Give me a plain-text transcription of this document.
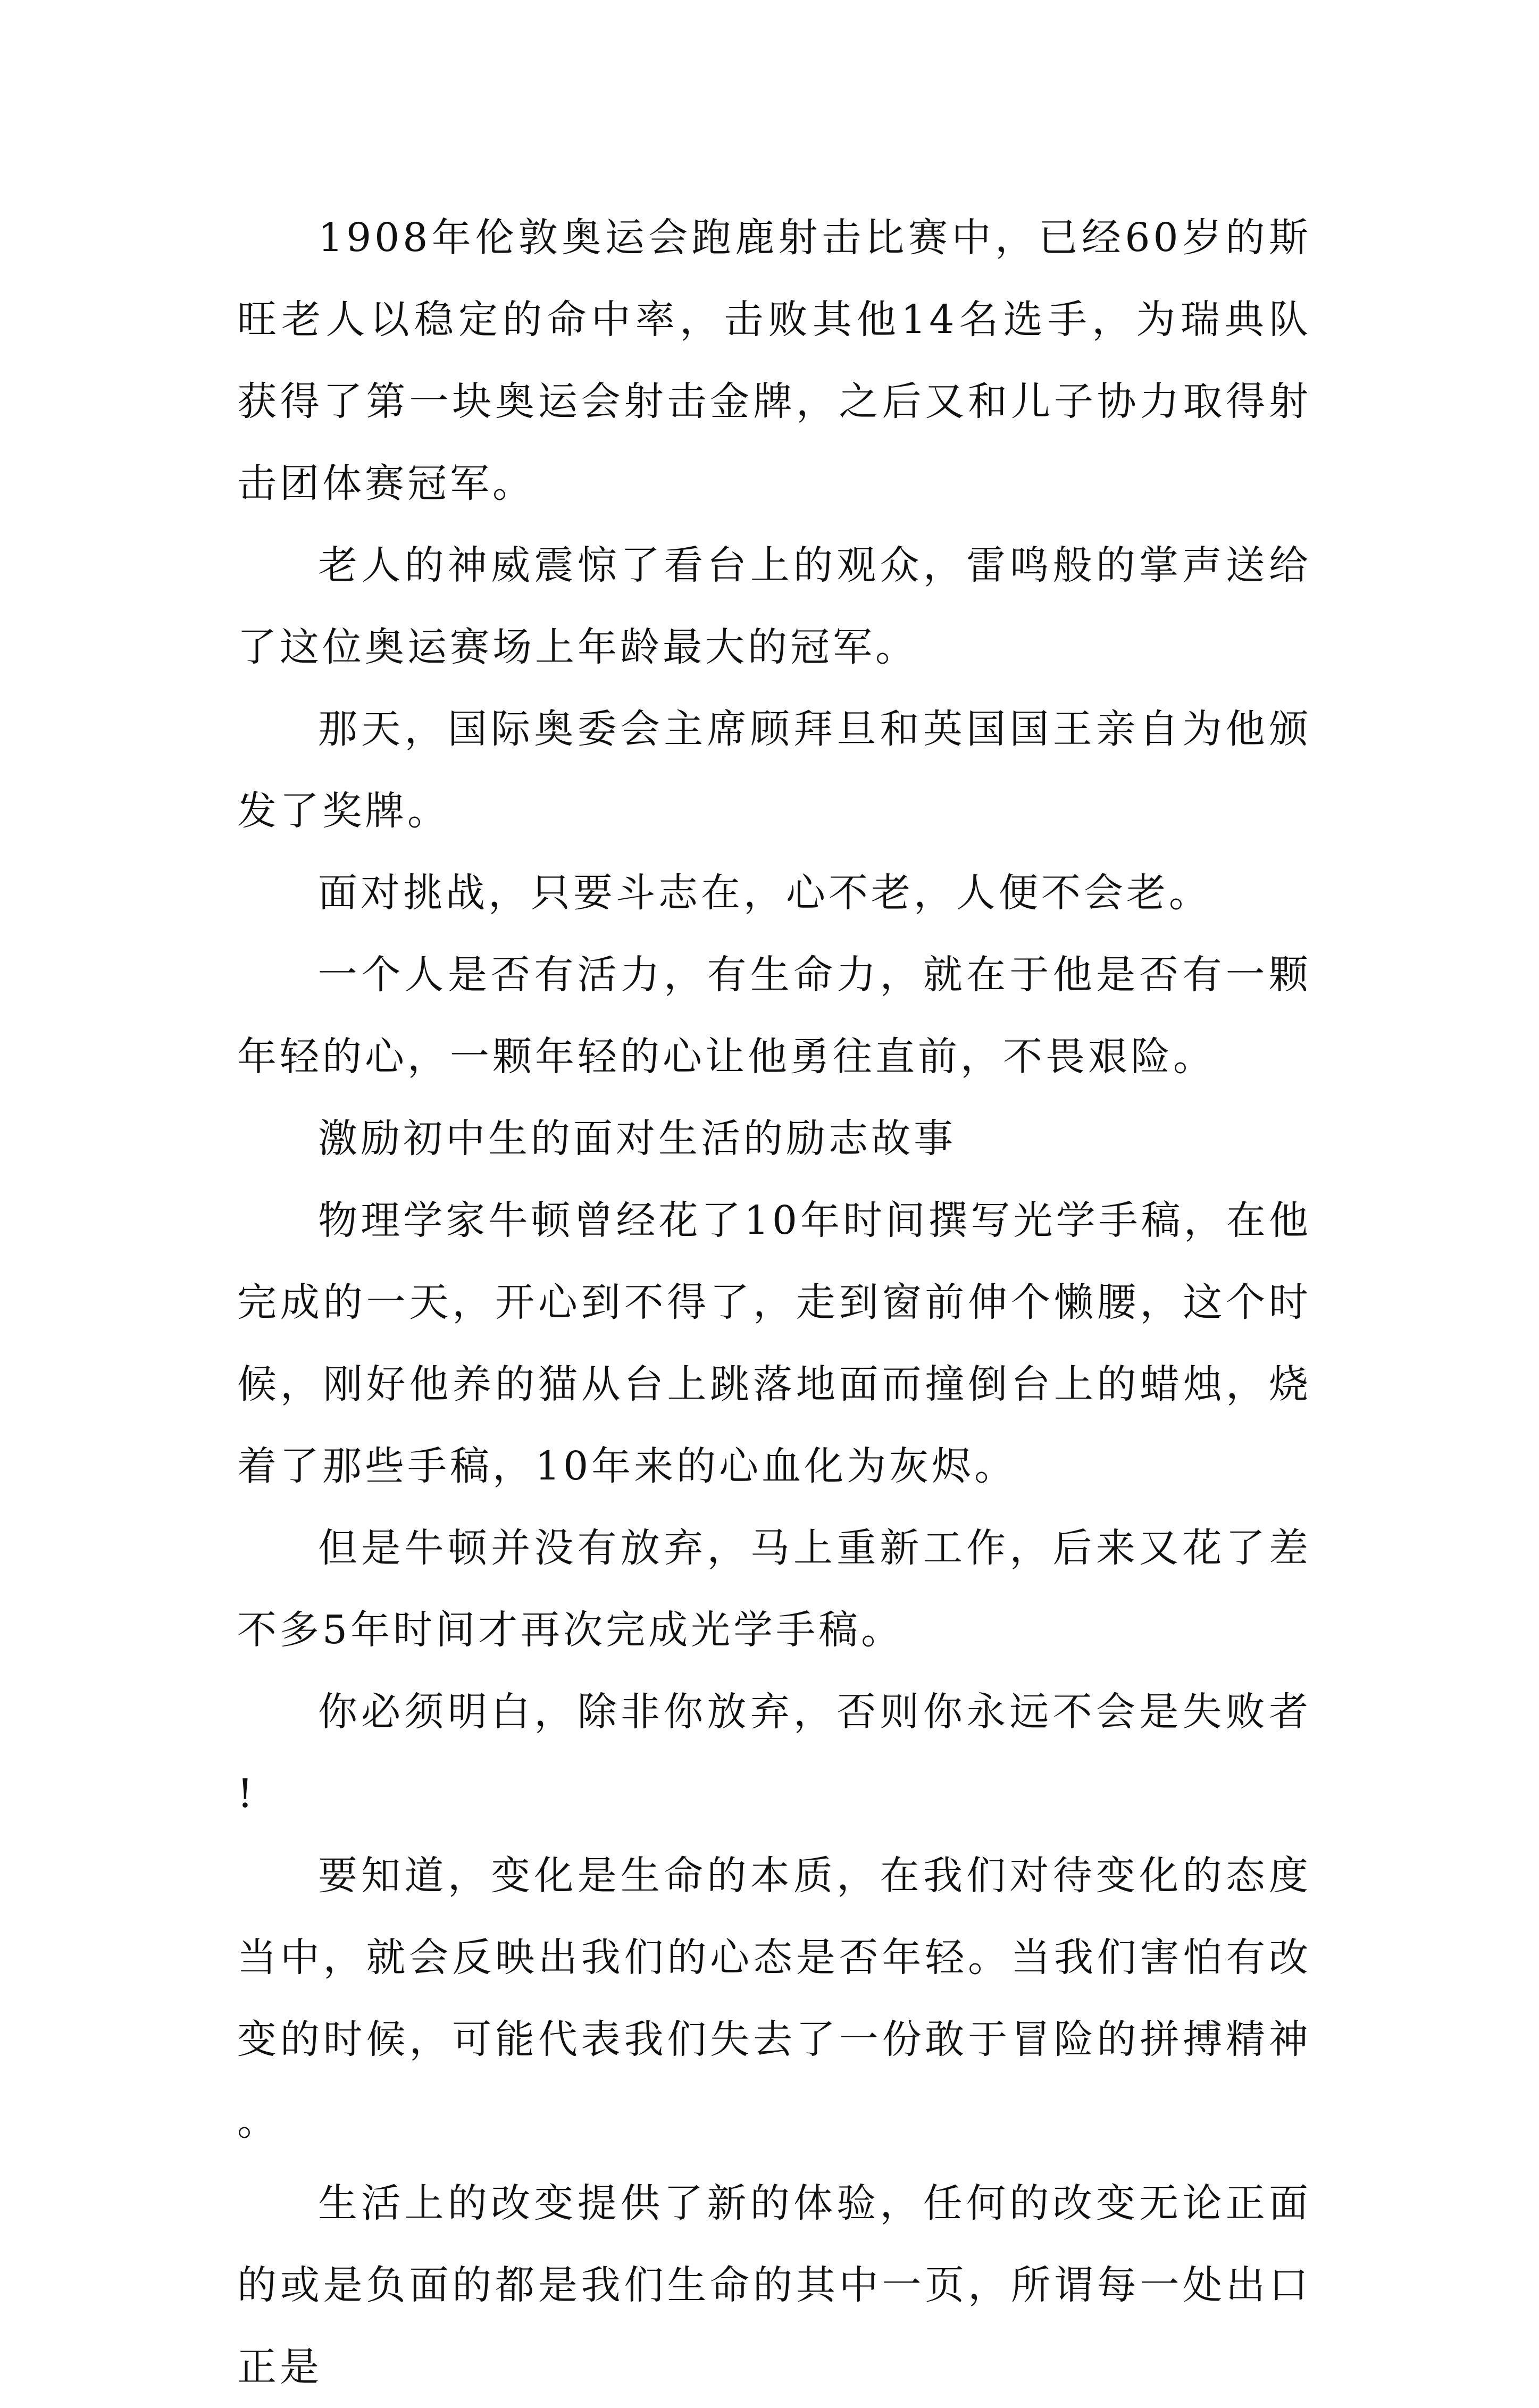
1908年伦敦奥运会跑鹿射击比赛中，已经60岁的斯旺老人以稳定的命中率，击败其他14名选手，为瑞典队获得了第一块奥运会射击金牌，之后又和儿子协力取得射击团体赛冠军。

老人的神威震惊了看台上的观众，雷鸣般的掌声送给了这位奥运赛场上年龄最大的冠军。

那天，国际奥委会主席顾拜旦和英国国王亲自为他颁发了奖牌。

面对挑战，只要斗志在，心不老，人便不会老。

一个人是否有活力，有生命力，就在于他是否有一颗年轻的心，一颗年轻的心让他勇往直前，不畏艰险。

激励初中生的面对生活的励志故事

物理学家牛顿曾经花了10年时间撰写光学手稿，在他完成的一天，开心到不得了，走到窗前伸个懒腰，这个时候，刚好他养的猫从台上跳落地面而撞倒台上的蜡烛，烧着了那些手稿，10年来的心血化为灰烬。

但是牛顿并没有放弃，马上重新工作，后来又花了差不多5年时间才再次完成光学手稿。

你必须明白，除非你放弃，否则你永远不会是失败者!

要知道，变化是生命的本质，在我们对待变化的态度当中，就会反映出我们的心态是否年轻。当我们害怕有改变的时候，可能代表我们失去了一份敢于冒险的拼搏精神。

生活上的改变提供了新的体验，任何的改变无论正面的或是负面的都是我们生命的其中一页，所谓每一处出口正是
